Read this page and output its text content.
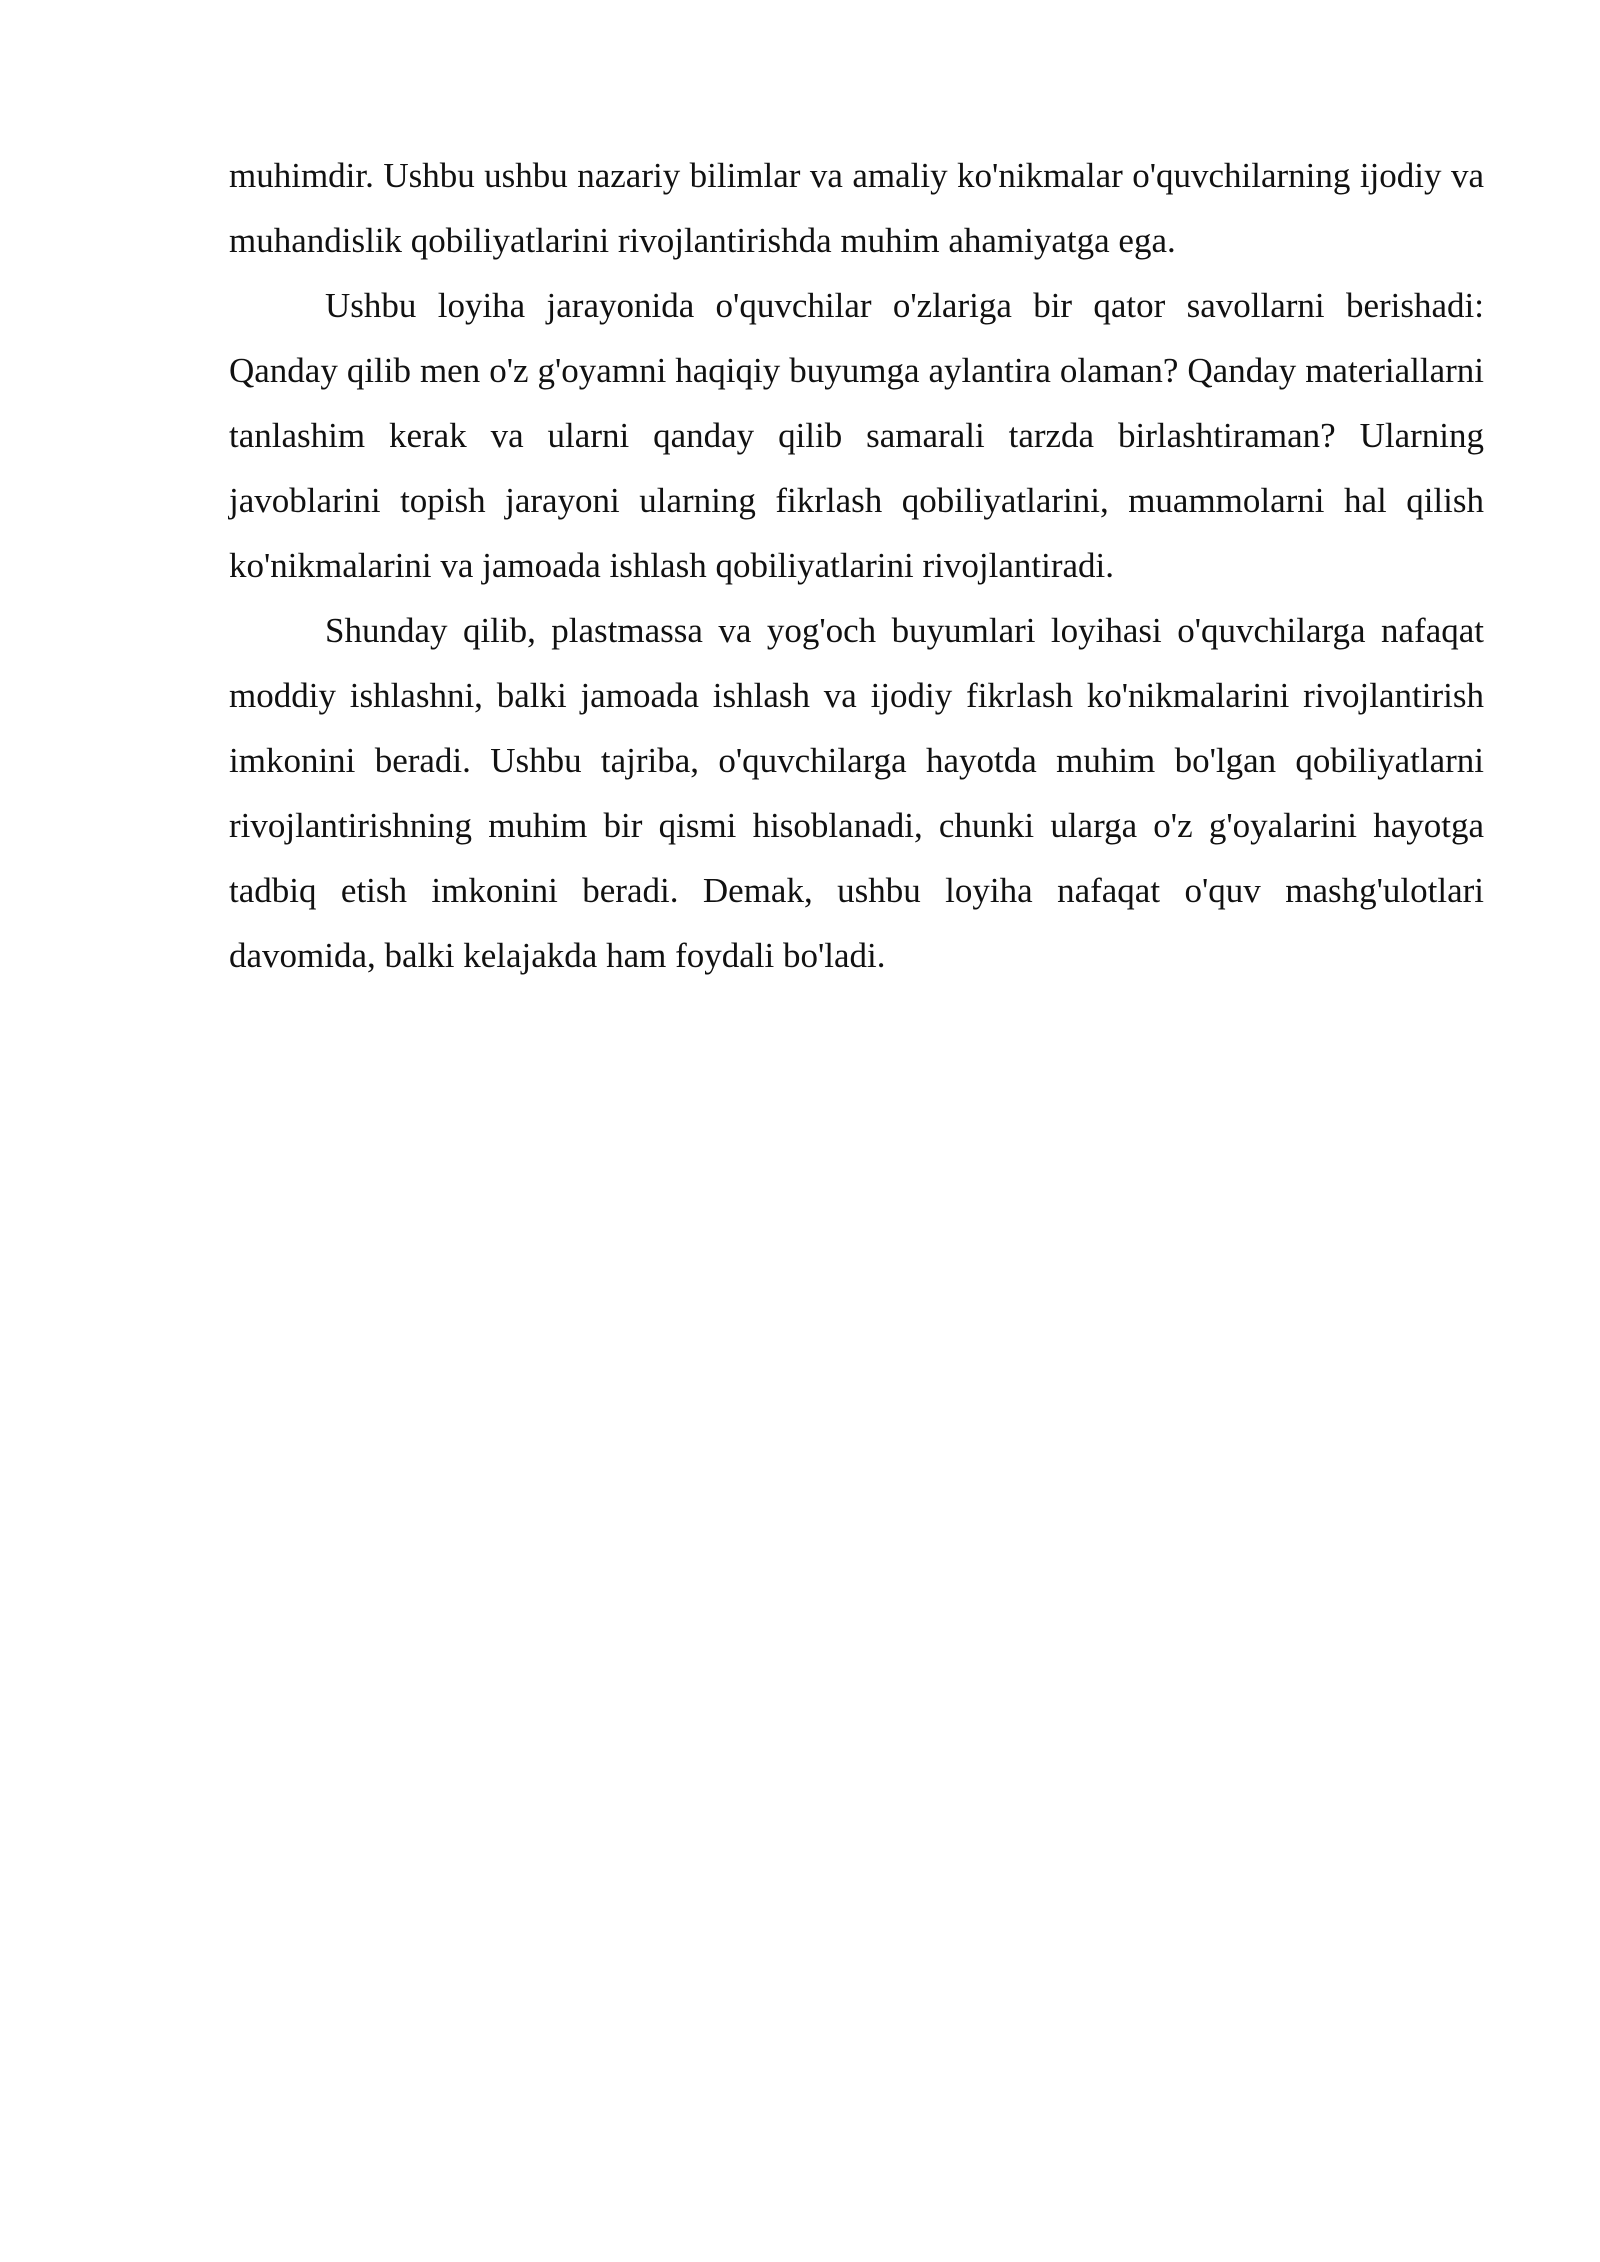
muhimdir. Ushbu ushbu nazariy bilimlar va amaliy ko'nikmalar o'quvchilarning ijodiy va muhandislik qobiliyatlarini rivojlantirishda muhim ahamiyatga ega.

Ushbu loyiha jarayonida o'quvchilar o'zlariga bir qator savollarni berishadi: Qanday qilib men o'z g'oyamni haqiqiy buyumga aylantira olaman? Qanday materiallarni tanlashim kerak va ularni qanday qilib samarali tarzda birlashtiraman? Ularning javoblarini topish jarayoni ularning fikrlash qobiliyatlarini, muammolarni hal qilish ko'nikmalarini va jamoada ishlash qobiliyatlarini rivojlantiradi.

Shunday qilib, plastmassa va yog'och buyumlari loyihasi o'quvchilarga nafaqat moddiy ishlashni, balki jamoada ishlash va ijodiy fikrlash ko'nikmalarini rivojlantirish imkonini beradi. Ushbu tajriba, o'quvchilarga hayotda muhim bo'lgan qobiliyatlarni rivojlantirishning muhim bir qismi hisoblanadi, chunki ularga o'z g'oyalarini hayotga tadbiq etish imkonini beradi. Demak, ushbu loyiha nafaqat o'quv mashg'ulotlari davomida, balki kelajakda ham foydali bo'ladi.
